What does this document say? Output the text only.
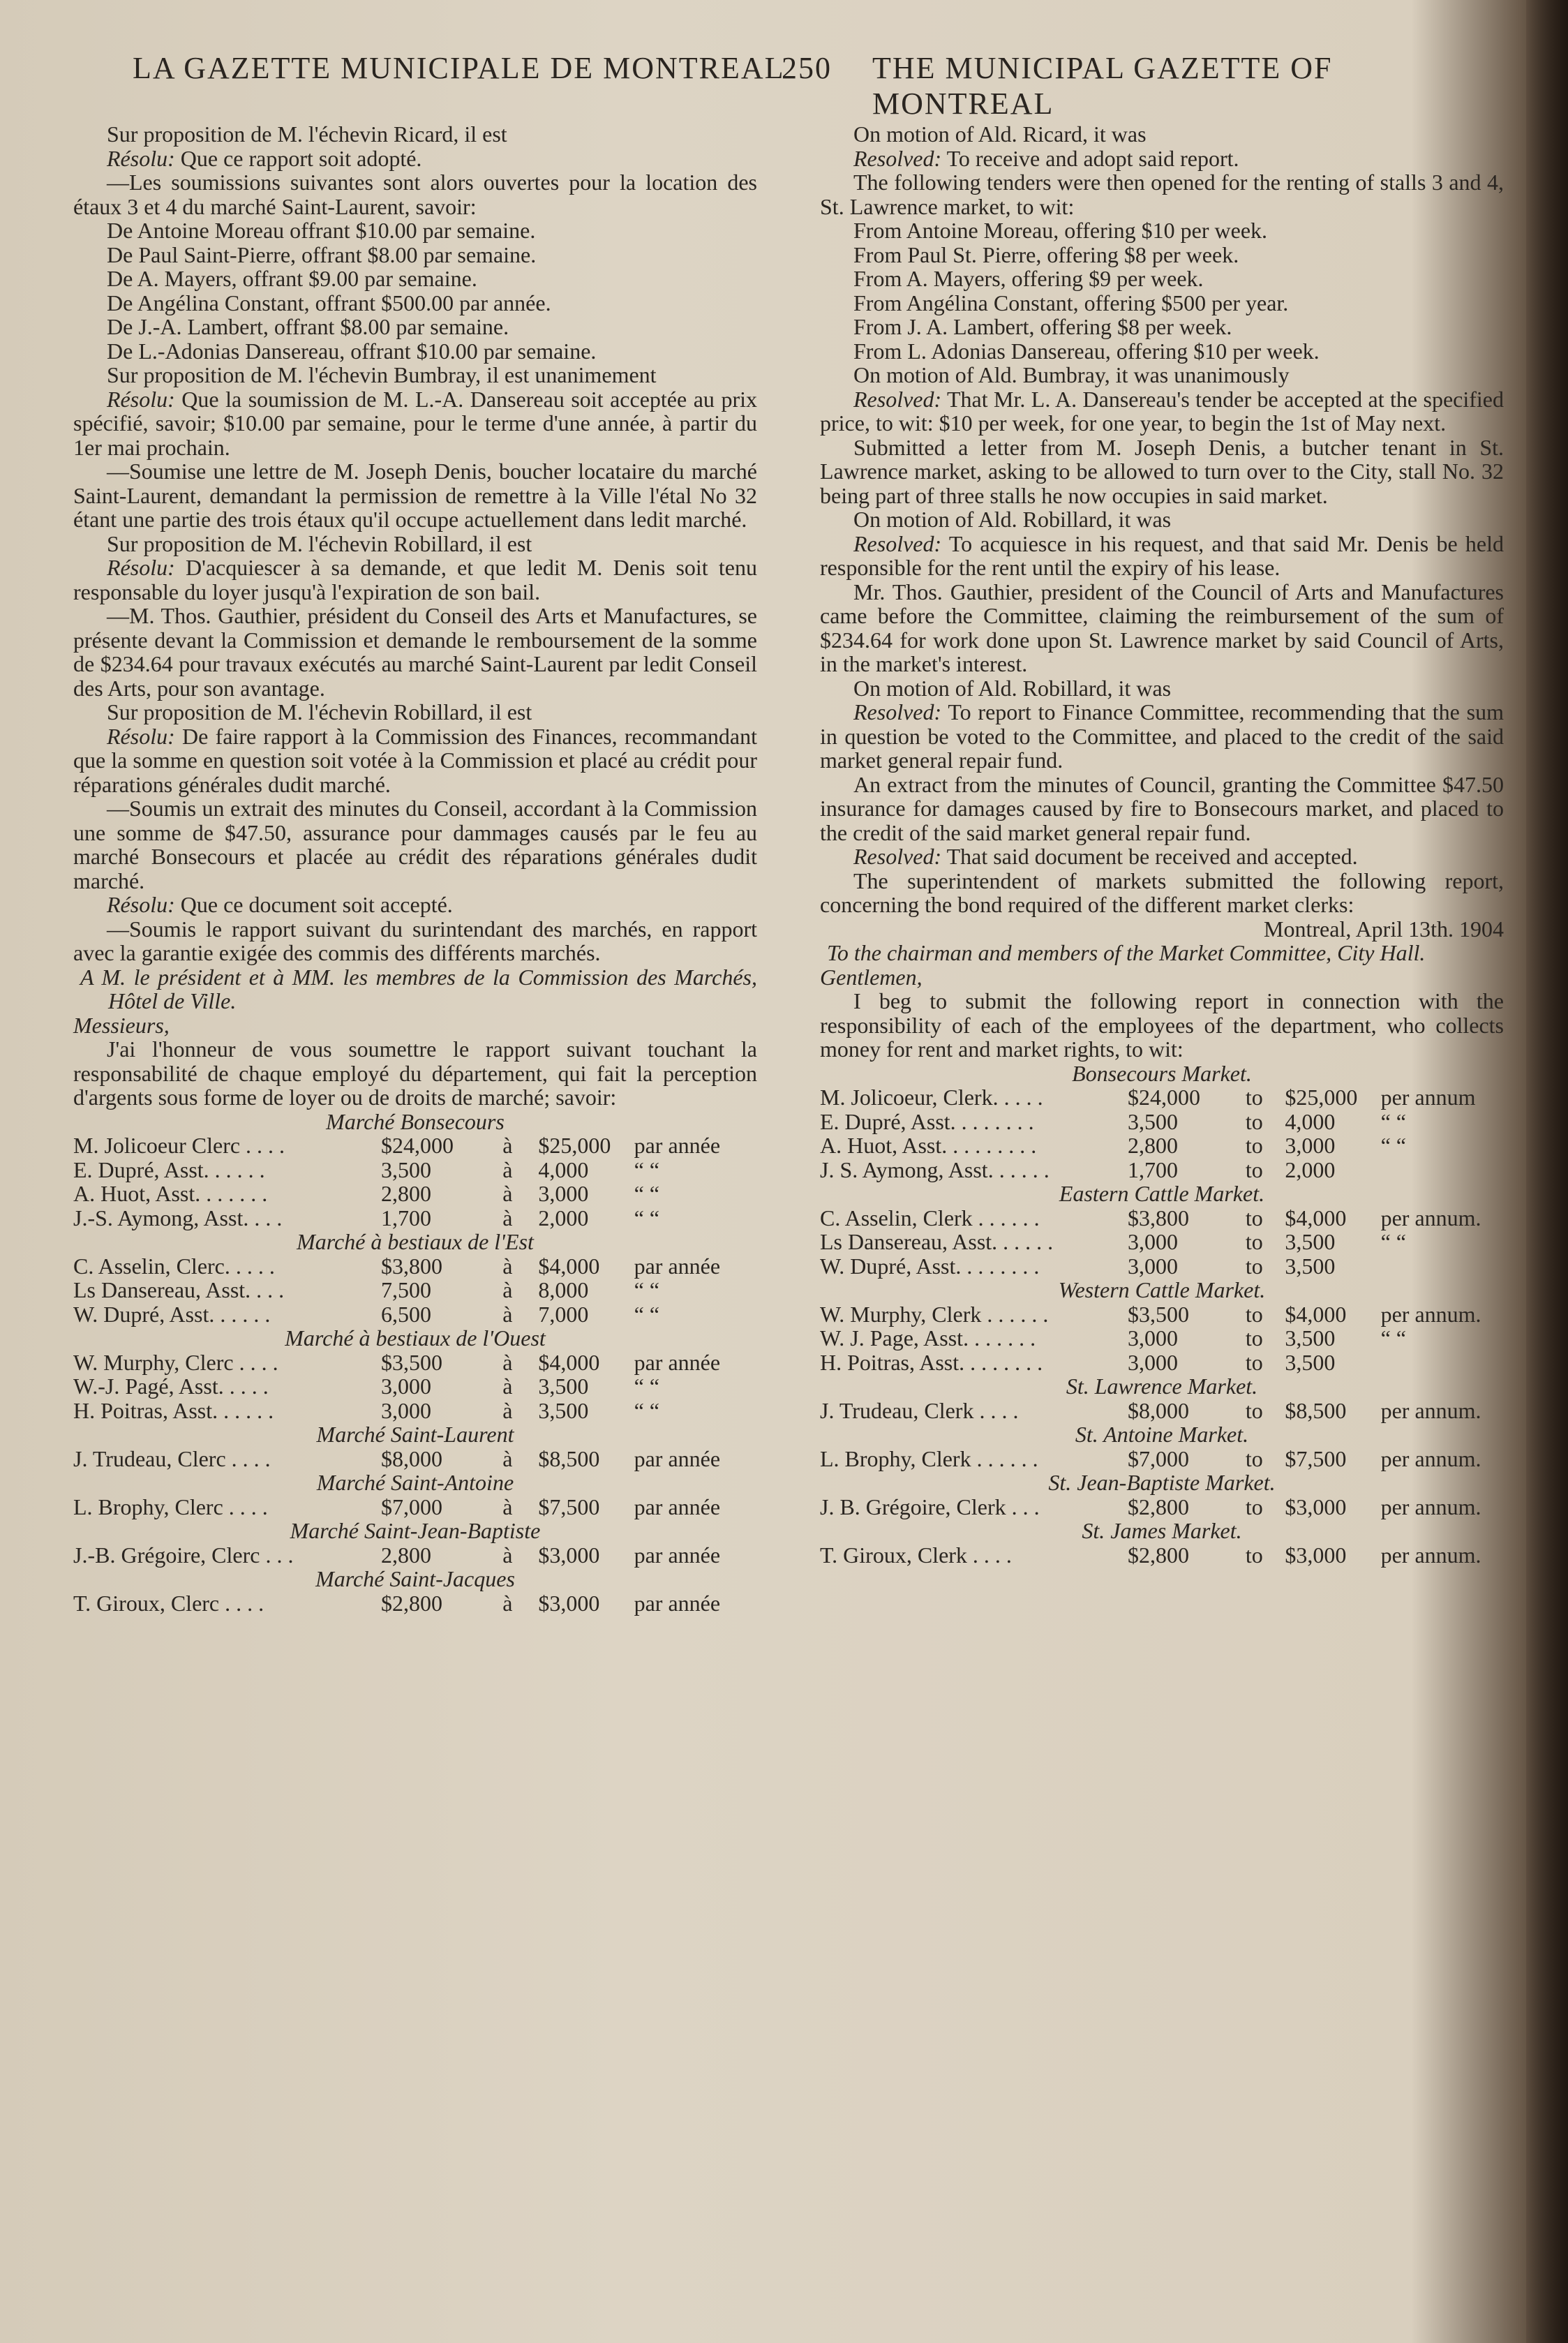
LA GAZETTE MUNICIPALE DE MONTREAL
250 THE MUNICIPAL GAZETTE OF MONTREAL

Sur proposition de M. l'échevin Ricard, il est

Résolu: Que ce rapport soit adopté.

—Les soumissions suivantes sont alors ouvertes pour la location des étaux 3 et 4 du marché Saint-Laurent, savoir:

De Antoine Moreau offrant $10.00 par semaine.

De Paul Saint-Pierre, offrant $8.00 par semaine.

De A. Mayers, offrant $9.00 par semaine.

De Angélina Constant, offrant $500.00 par année.

De J.-A. Lambert, offrant $8.00 par semaine.

De L.-Adonias Dansereau, offrant $10.00 par semaine.

Sur proposition de M. l'échevin Bumbray, il est unanimement

Résolu: Que la soumission de M. L.-A. Dansereau soit acceptée au prix spécifié, savoir; $10.00 par semaine, pour le terme d'une année, à partir du 1er mai prochain.

—Soumise une lettre de M. Joseph Denis, boucher locataire du marché Saint-Laurent, demandant la permission de remettre à la Ville l'étal No 32 étant une partie des trois étaux qu'il occupe actuellement dans ledit marché.

Sur proposition de M. l'échevin Robillard, il est

Résolu: D'acquiescer à sa demande, et que ledit M. Denis soit tenu responsable du loyer jusqu'à l'expiration de son bail.

—M. Thos. Gauthier, président du Conseil des Arts et Manufactures, se présente devant la Commission et demande le remboursement de la somme de $234.64 pour travaux exécutés au marché Saint-Laurent par ledit Conseil des Arts, pour son avantage.

Sur proposition de M. l'échevin Robillard, il est

Résolu: De faire rapport à la Commission des Finances, recommandant que la somme en question soit votée à la Commission et placé au crédit pour réparations générales dudit marché.

—Soumis un extrait des minutes du Conseil, accordant à la Commission une somme de $47.50, assurance pour dammages causés par le feu au marché Bonsecours et placée au crédit des réparations générales dudit marché.

Résolu: Que ce document soit accepté.

—Soumis le rapport suivant du surintendant des marchés, en rapport avec la garantie exigée des commis des différents marchés.

A M. le président et à MM. les membres de la Commission des Marchés, Hôtel de Ville.

Messieurs,

J'ai l'honneur de vous soumettre le rapport suivant touchant la responsabilité de chaque employé du département, qui fait la perception d'argents sous forme de loyer ou de droits de marché; savoir:

Marché Bonsecours

M. Jolicoeur Clerc . . . .	$24,000	à	$25,000	par année
E. Dupré, Asst. . . . . .	3,500	à	4,000	“ “
A. Huot, Asst. . . . . . .	2,800	à	3,000	“ “
J.-S. Aymong, Asst. . . .	1,700	à	2,000	“ “

Marché à bestiaux de l'Est

C. Asselin, Clerc. . . . .	$3,800	à	$4,000	par année
Ls Dansereau, Asst. . . .	7,500	à	8,000	“ “
W. Dupré, Asst. . . . . .	6,500	à	7,000	“ “

Marché à bestiaux de l'Ouest

W. Murphy, Clerc . . . .	$3,500	à	$4,000	par année
W.-J. Pagé, Asst. . . . .	3,000	à	3,500	“ “
H. Poitras, Asst. . . . . .	3,000	à	3,500	“ “

Marché Saint-Laurent

J. Trudeau, Clerc . . . .	$8,000	à	$8,500	par année

Marché Saint-Antoine

L. Brophy, Clerc . . . .	$7,000	à	$7,500	par année

Marché Saint-Jean-Baptiste

J.-B. Grégoire, Clerc . . .	2,800	à	$3,000	par année

Marché Saint-Jacques

T. Giroux, Clerc . . . .	$2,800	à	$3,000	par année

On motion of Ald. Ricard, it was

Resolved: To receive and adopt said report.

The following tenders were then opened for the renting of stalls 3 and 4, St. Lawrence market, to wit:

From Antoine Moreau, offering $10 per week.

From Paul St. Pierre, offering $8 per week.

From A. Mayers, offering $9 per week.

From Angélina Constant, offering $500 per year.

From J. A. Lambert, offering $8 per week.

From L. Adonias Dansereau, offering $10 per week.

On motion of Ald. Bumbray, it was unanimously

Resolved: That Mr. L. A. Dansereau's tender be accepted at the specified price, to wit: $10 per week, for one year, to begin the 1st of May next.

Submitted a letter from M. Joseph Denis, a butcher tenant in St. Lawrence market, asking to be allowed to turn over to the City, stall No. 32 being part of three stalls he now occupies in said market.

On motion of Ald. Robillard, it was

Resolved: To acquiesce in his request, and that said Mr. Denis be held responsible for the rent until the expiry of his lease.

Mr. Thos. Gauthier, president of the Council of Arts and Manufactures came before the Committee, claiming the reimbursement of the sum of $234.64 for work done upon St. Lawrence market by said Council of Arts, in the market's interest.

On motion of Ald. Robillard, it was

Resolved: To report to Finance Committee, recommending that the sum in question be voted to the Committee, and placed to the credit of the said market general repair fund.

An extract from the minutes of Council, granting the Committee $47.50 insurance for damages caused by fire to Bonsecours market, and placed to the credit of the said market general repair fund.

Resolved: That said document be received and accepted.

The superintendent of markets submitted the following report, concerning the bond required of the different market clerks:

Montreal, April 13th. 1904

To the chairman and members of the Market Committee, City Hall.

Gentlemen,

I beg to submit the following report in connection with the responsibility of each of the employees of the department, who collects money for rent and market rights, to wit:

Bonsecours Market.

M. Jolicoeur, Clerk. . . . .	$24,000	to	$25,000	per annum
E. Dupré, Asst. . . . . . . .	3,500	to	4,000	“ “
A. Huot, Asst. . . . . . . . .	2,800	to	3,000	“ “
J. S. Aymong, Asst. . . . . .	1,700	to	2,000	

Eastern Cattle Market.

C. Asselin, Clerk . . . . . .	$3,800	to	$4,000	per annum.
Ls Dansereau, Asst. . . . . .	3,000	to	3,500	“ “
W. Dupré, Asst. . . . . . . .	3,000	to	3,500	

Western Cattle Market.

W. Murphy, Clerk . . . . . .	$3,500	to	$4,000	per annum.
W. J. Page, Asst. . . . . . .	3,000	to	3,500	“ “
H. Poitras, Asst. . . . . . . .	3,000	to	3,500	

St. Lawrence Market.

J. Trudeau, Clerk . . . .	$8,000	to	$8,500	per annum.

St. Antoine Market.

L. Brophy, Clerk . . . . . .	$7,000	to	$7,500	per annum.

St. Jean-Baptiste Market.

J. B. Grégoire, Clerk . . .	$2,800	to	$3,000	per annum.

St. James Market.

T. Giroux, Clerk . . . .	$2,800	to	$3,000	per annum.
